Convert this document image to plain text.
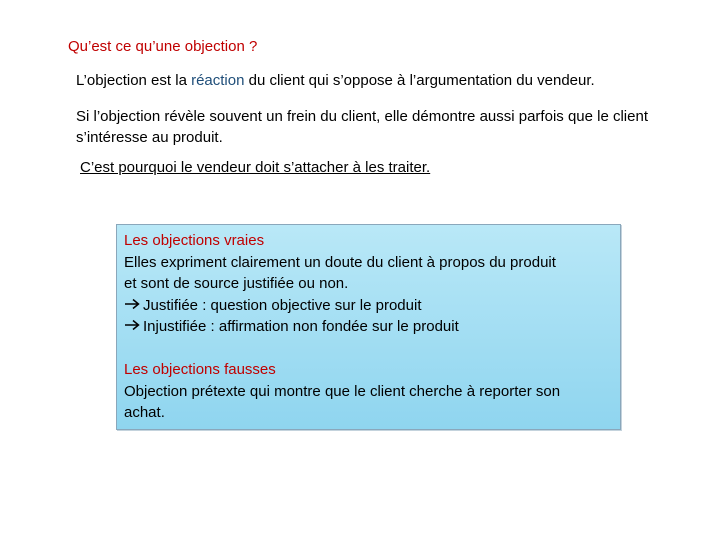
Qu’est ce qu’une objection ?
L’objection est la réaction du client qui s’oppose à l’argumentation du vendeur.
Si l’objection révèle souvent un frein du client, elle démontre aussi parfois que le client s’intéresse au produit.
C’est pourquoi le vendeur doit s’attacher à les traiter.
Les objections vraies
Elles expriment clairement un doute du client à propos du produit
et sont de source justifiée ou non.
Justifiée : question objective sur le produit
Injustifiée : affirmation non fondée sur le produit
Les objections fausses
Objection prétexte qui montre que le client cherche à reporter son
achat.
